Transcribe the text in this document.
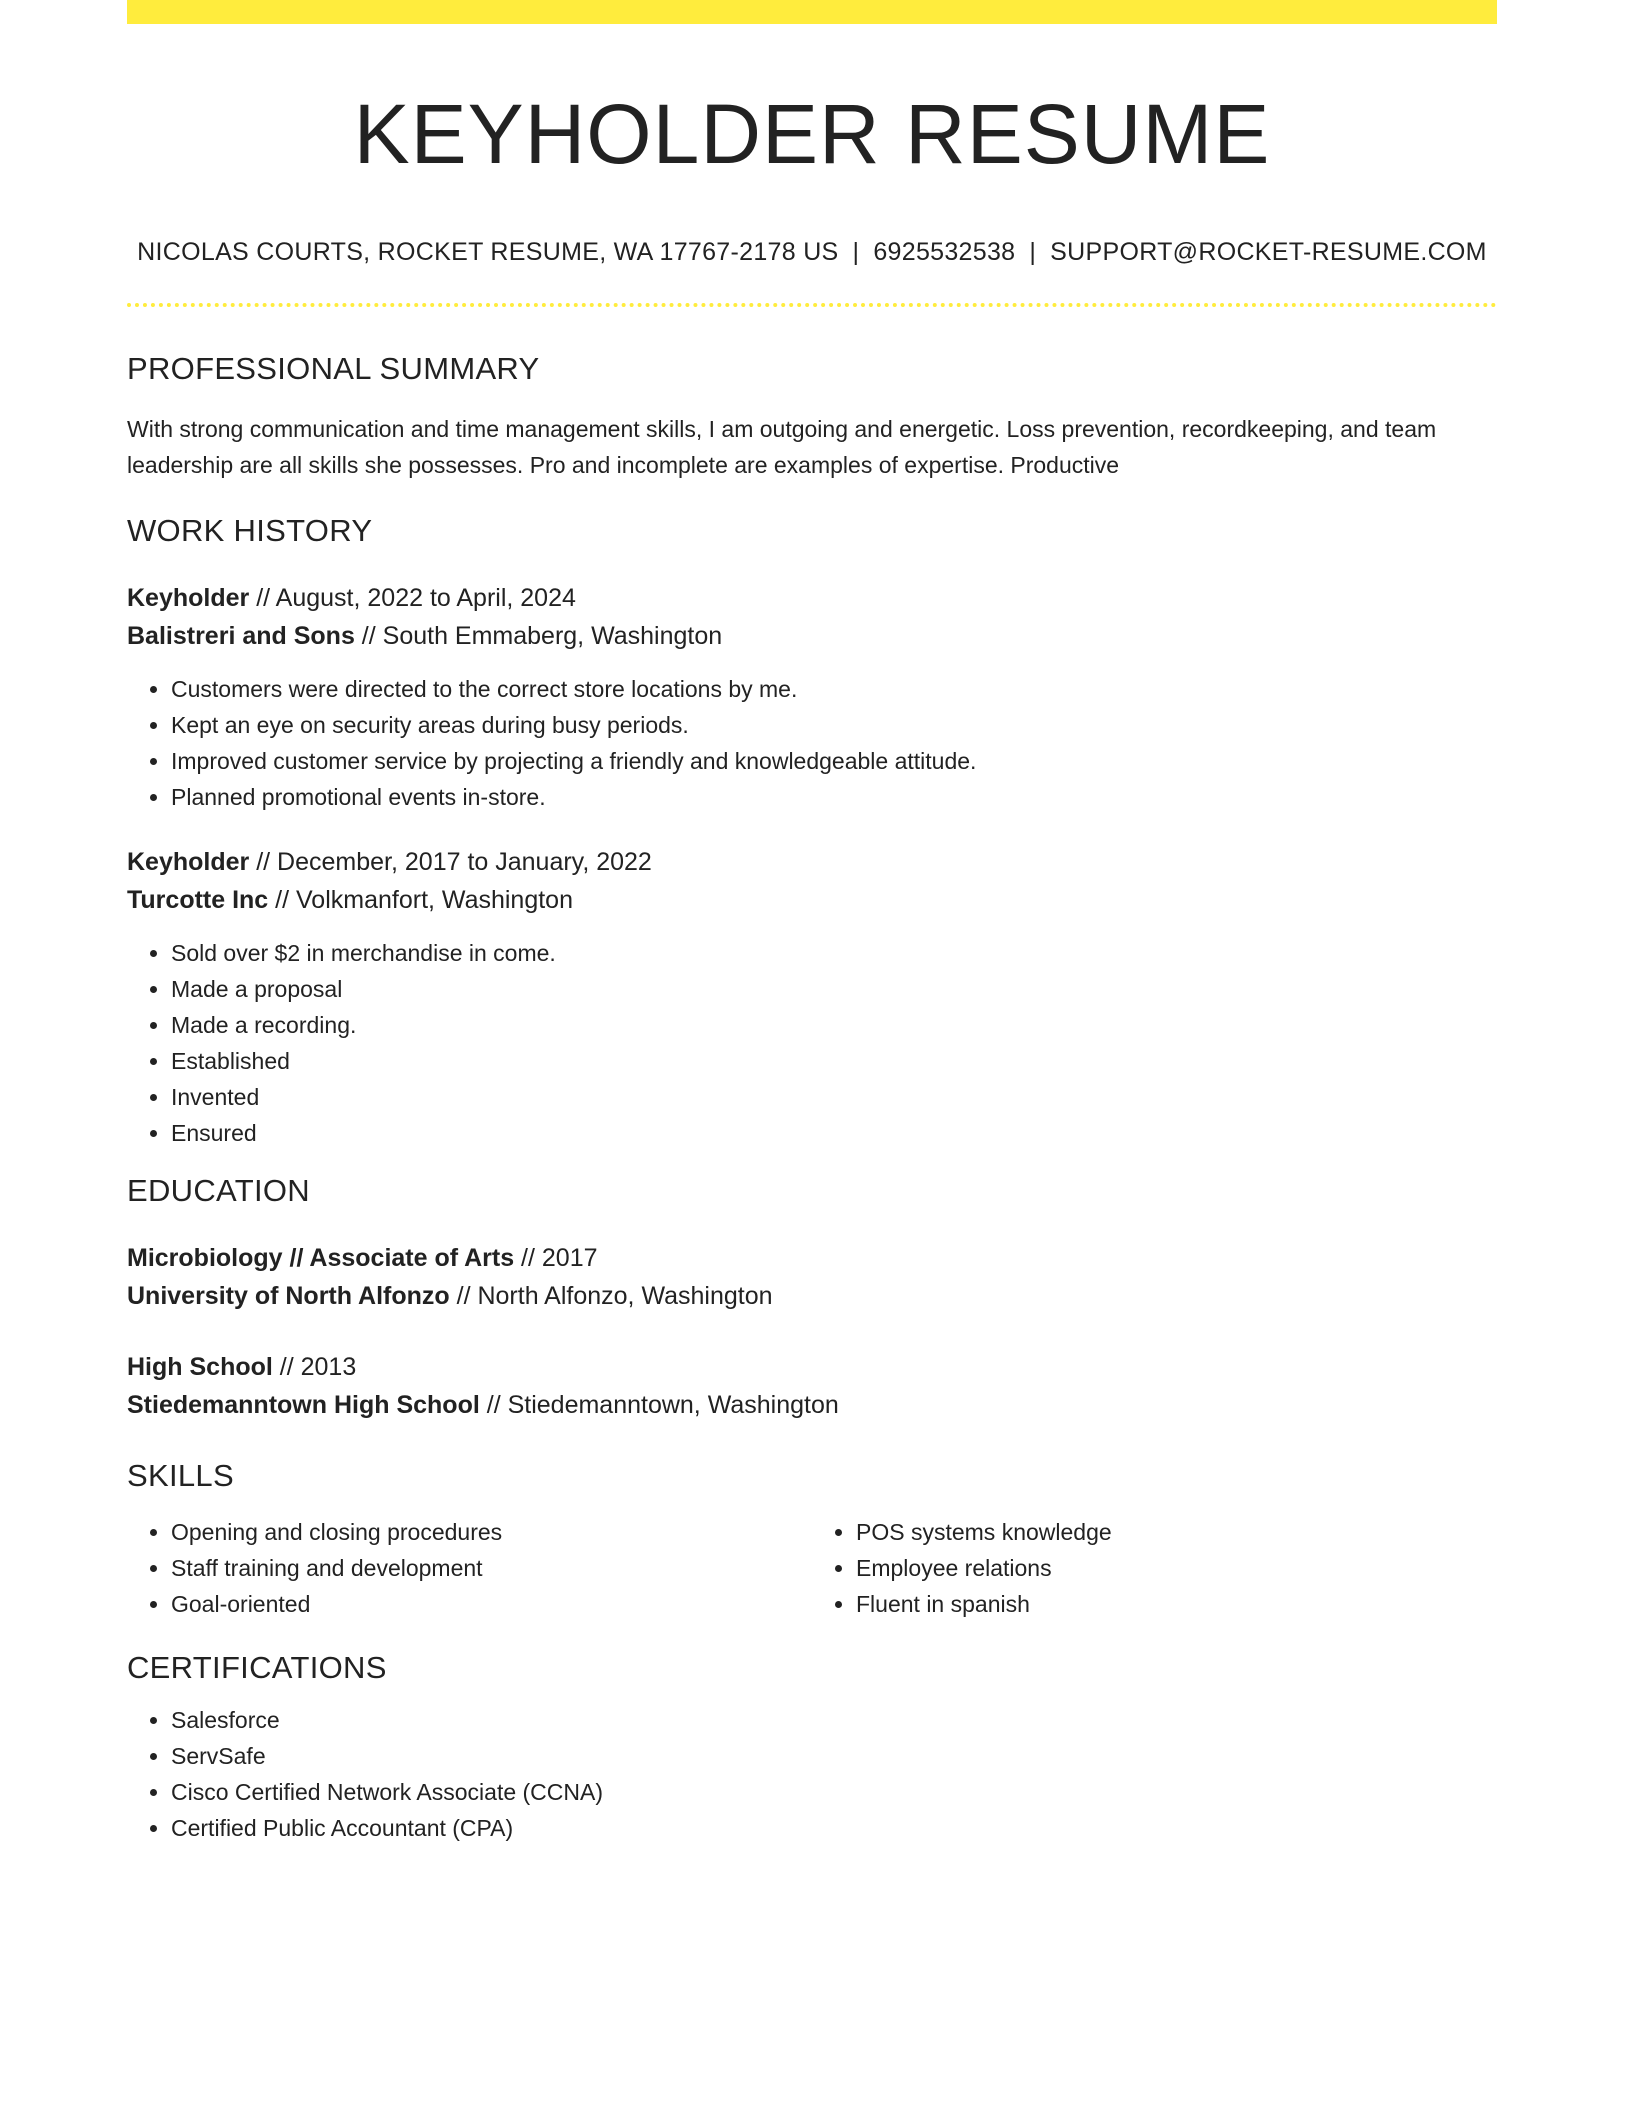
KEYHOLDER RESUME
NICOLAS COURTS, ROCKET RESUME, WA 17767-2178 US | 6925532538 | SUPPORT@ROCKET-RESUME.COM
PROFESSIONAL SUMMARY
With strong communication and time management skills, I am outgoing and energetic. Loss prevention, recordkeeping, and team leadership are all skills she possesses. Pro and incomplete are examples of expertise. Productive
WORK HISTORY
Keyholder // August, 2022 to April, 2024
Balistreri and Sons // South Emmaberg, Washington
• Customers were directed to the correct store locations by me.
• Kept an eye on security areas during busy periods.
• Improved customer service by projecting a friendly and knowledgeable attitude.
• Planned promotional events in-store.
Keyholder // December, 2017 to January, 2022
Turcotte Inc // Volkmanfort, Washington
• Sold over $2 in merchandise in come.
• Made a proposal
• Made a recording.
• Established
• Invented
• Ensured
EDUCATION
Microbiology // Associate of Arts // 2017
University of North Alfonzo // North Alfonzo, Washington
High School // 2013
Stiedemanntown High School // Stiedemanntown, Washington
SKILLS
• Opening and closing procedures
• Staff training and development
• Goal-oriented
• POS systems knowledge
• Employee relations
• Fluent in spanish
CERTIFICATIONS
• Salesforce
• ServSafe
• Cisco Certified Network Associate (CCNA)
• Certified Public Accountant (CPA)
